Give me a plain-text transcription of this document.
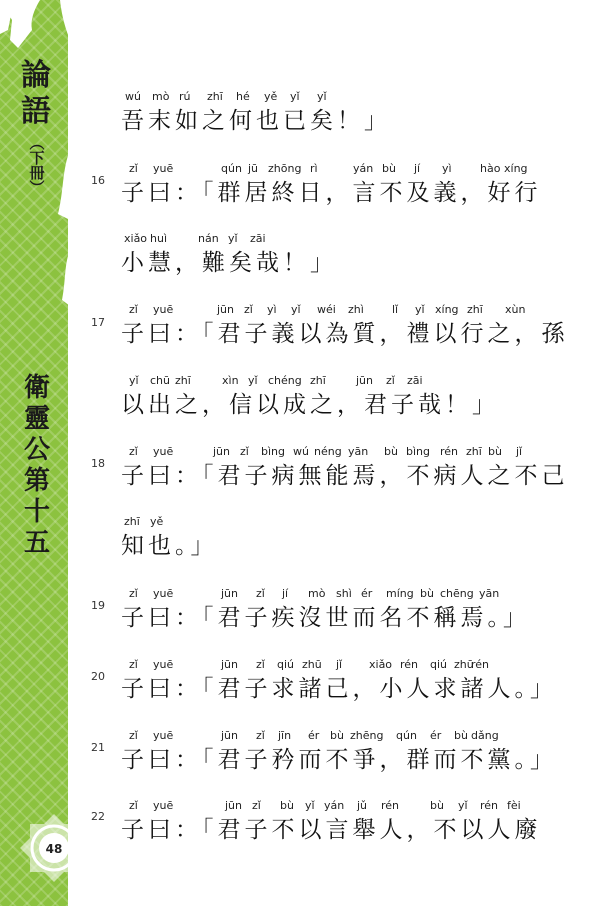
論
語
（下冊）
衛
靈
公
第
十
五
48
wú mò rú zhī hé yě yǐ yǐ
吾末如之何也已矣！」
16
zǐ yuē	qún jū zhōng rì	yán bù jí yì	hào xíng
子曰：「群居終日，言不及義，好行
xiǎo huì	nán yǐ zāi
小慧，難矣哉！」
17
zǐ yuē	jūn zǐ yì yǐ wéi zhì	lǐ yǐ xíng zhī xùn
子曰：「君子義以為質，禮以行之，孫
yǐ chū zhī	xìn yǐ chéng zhī	jūn zǐ zāi
以出之，信以成之，君子哉！」
18
zǐ yuē	jūn zǐ bìng wú néng yān bù bìng rén zhī bù jǐ
子曰：「君子病無能焉，不病人之不己
zhī yě
知也。」
19
zǐ yuē	jūn zǐ jí mò shì ér míng bù chēng yān
子曰：「君子疾沒世而名不稱焉。」
20
zǐ yuē	jūn zǐ qiú zhū jǐ xiǎo rén qiú zhū
rén
子曰：「君子求諸己，小人求諸人。」
21
zǐ yuē	jūn zǐ jīn ér bù zhēng qún ér bù dǎng
子曰：「君子矜而不爭，群而不黨。」
22
zǐ yuē	jūn zǐ bù yǐ yán jǔ rén	bù yǐ rén fèi
子曰：「君子不以言舉人，不以人廢
